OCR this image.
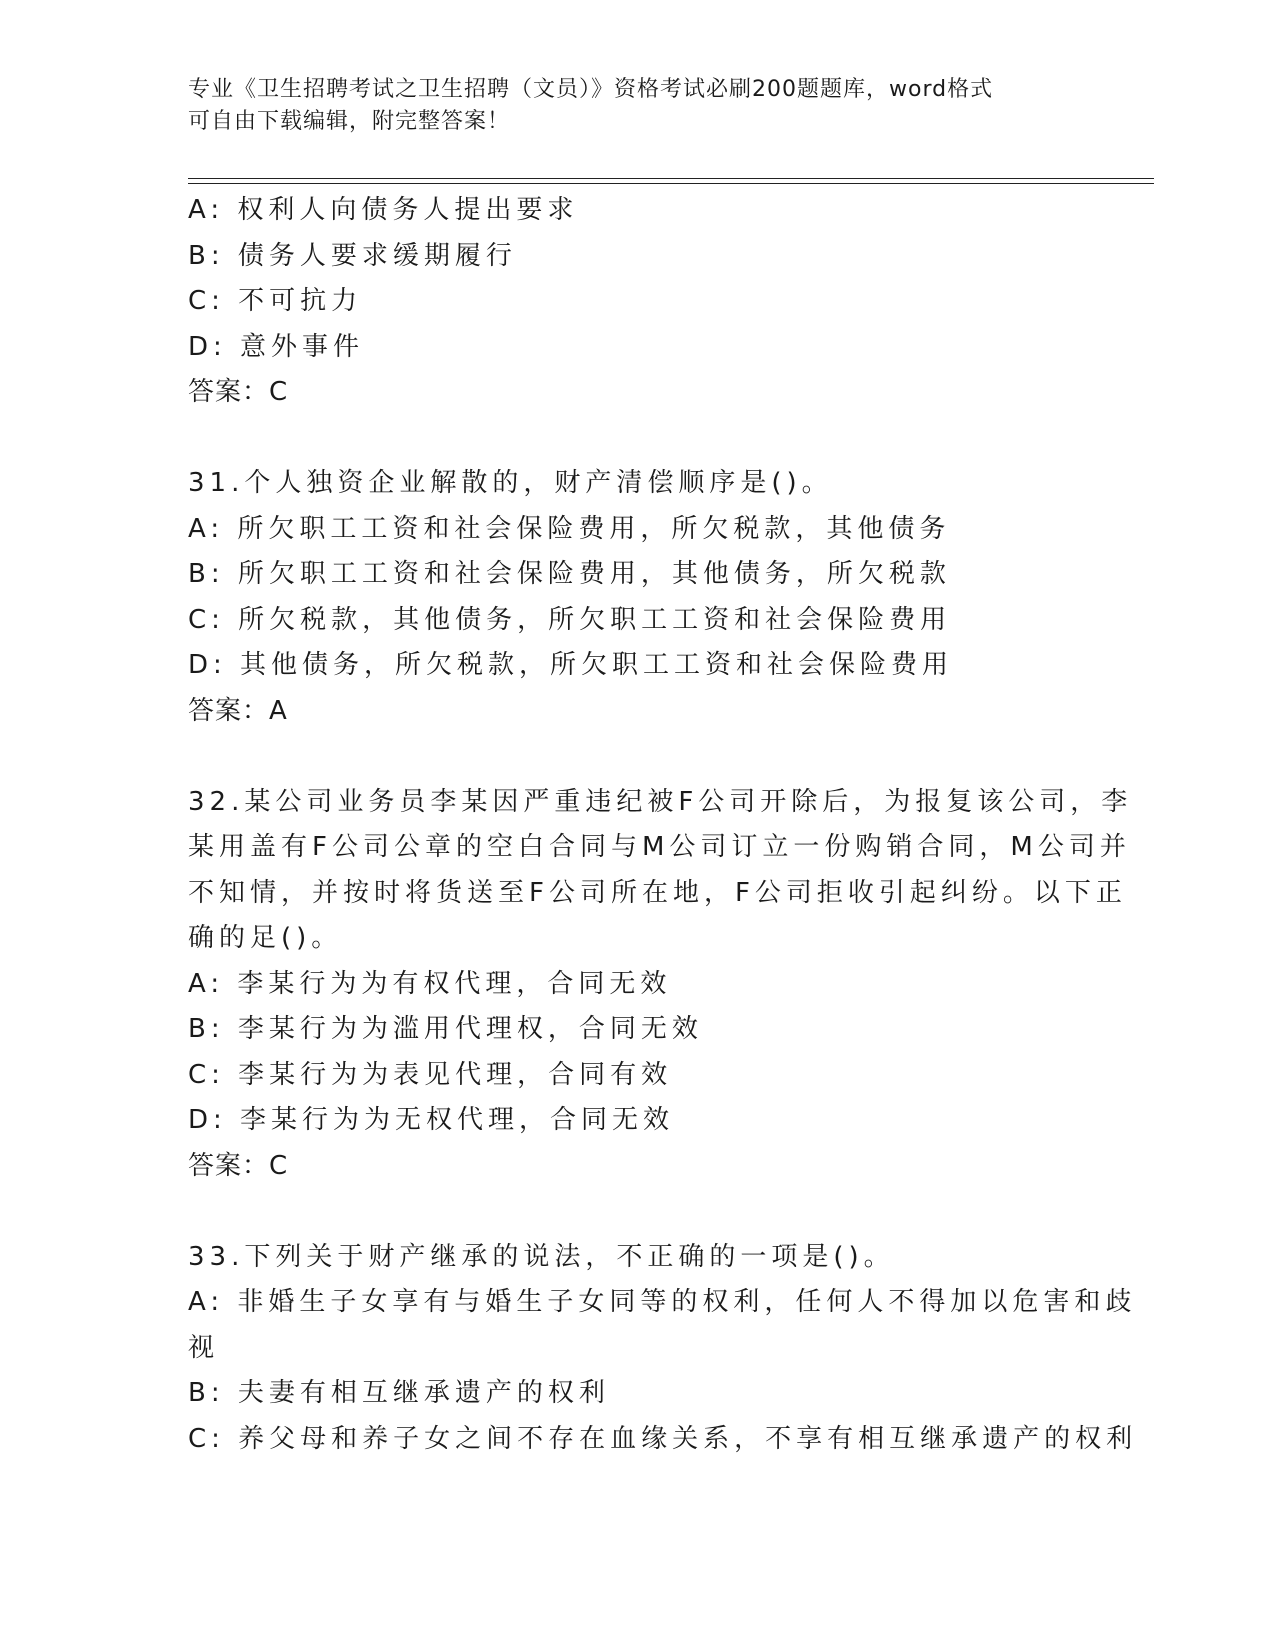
专业《卫生招聘考试之卫生招聘（文员）》资格考试必刷200题题库，word格式
可自由下载编辑，附完整答案！

A: 权利人向债务人提出要求

B: 债务人要求缓期履行

C: 不可抗力

D: 意外事件

答案：C

31.个人独资企业解散的，财产清偿顺序是()。

A: 所欠职工工资和社会保险费用，所欠税款，其他债务

B: 所欠职工工资和社会保险费用，其他债务，所欠税款

C: 所欠税款，其他债务，所欠职工工资和社会保险费用

D: 其他债务，所欠税款，所欠职工工资和社会保险费用

答案：A

32.某公司业务员李某因严重违纪被F公司开除后，为报复该公司，李

某用盖有F公司公章的空白合同与M公司订立一份购销合同，M公司并

不知情，并按时将货送至F公司所在地，F公司拒收引起纠纷。以下正

确的足()。

A: 李某行为为有权代理，合同无效

B: 李某行为为滥用代理权，合同无效

C: 李某行为为表见代理，合同有效

D: 李某行为为无权代理，合同无效

答案：C

33.下列关于财产继承的说法，不正确的一项是()。

A: 非婚生子女享有与婚生子女同等的权利，任何人不得加以危害和歧

视

B: 夫妻有相互继承遗产的权利

C: 养父母和养子女之间不存在血缘关系，不享有相互继承遗产的权利
